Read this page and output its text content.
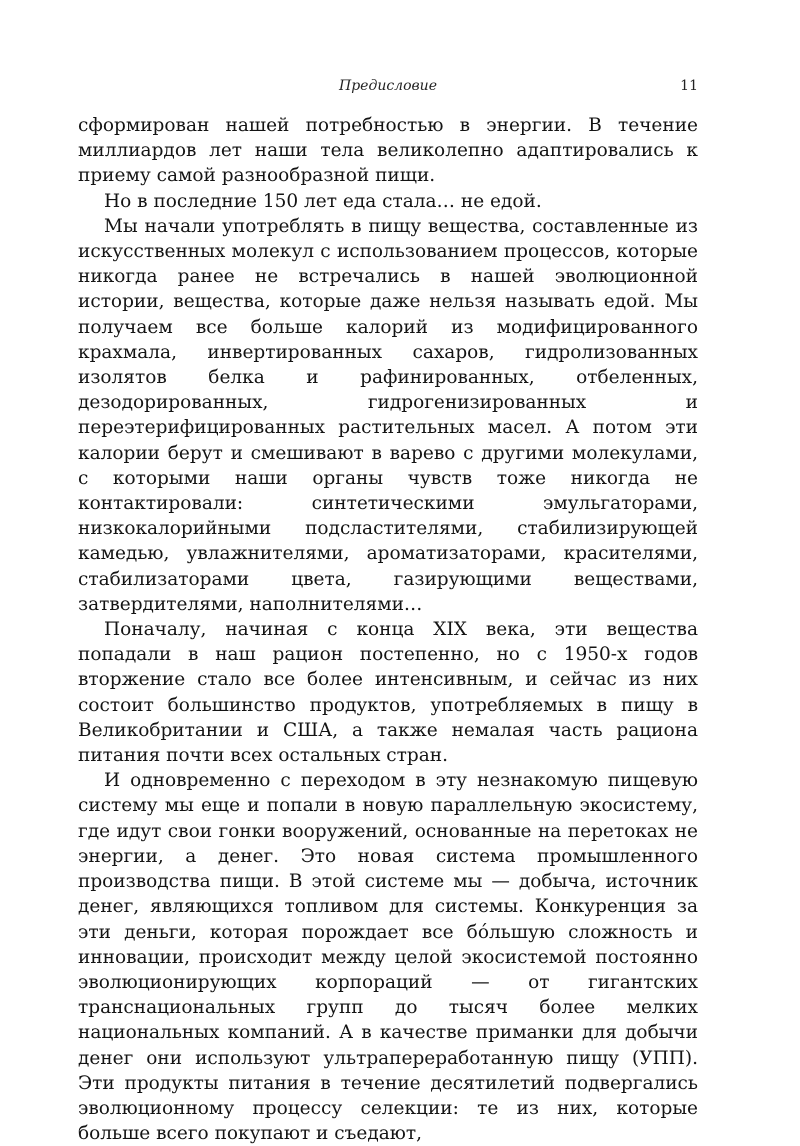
Предисловие	11

сформирован нашей потребностью в энергии. В течение миллиардов лет наши тела великолепно адаптировались к приему самой разнообразной пищи.

Но в последние 150 лет еда стала… не едой.

Мы начали употреблять в пищу вещества, составленные из искусственных молекул с использованием процессов, которые никогда ранее не встречались в нашей эволюционной истории, вещества, которые даже нельзя называть едой. Мы получаем все больше калорий из модифицированного крахмала, инвертированных сахаров, гидролизованных изолятов белка и рафинированных, отбеленных, дезодорированных, гидрогенизированных и переэтерифицированных растительных масел. А потом эти калории берут и смешивают в варево с другими молекулами, с которыми наши органы чувств тоже никогда не контактировали: синтетическими эмульгаторами, низкокалорийными подсластителями, стабилизирующей камедью, увлажнителями, ароматизаторами, красителями, стабилизаторами цвета, газирующими веществами, затвердителями, наполнителями…

Поначалу, начиная с конца XIX века, эти вещества попадали в наш рацион постепенно, но с 1950-х годов вторжение стало все более интенсивным, и сейчас из них состоит большинство продуктов, употребляемых в пищу в Великобритании и США, а также немалая часть рациона питания почти всех остальных стран.

И одновременно с переходом в эту незнакомую пищевую систему мы еще и попали в новую параллельную экосистему, где идут свои гонки вооружений, основанные на перетоках не энергии, а денег. Это новая система промышленного производства пищи. В этой системе мы — добыча, источник денег, являющихся топливом для системы. Конкуренция за эти деньги, которая порождает все бо́льшую сложность и инновации, происходит между целой экосистемой постоянно эволюционирующих корпораций — от гигантских транснациональных групп до тысяч более мелких национальных компаний. А в качестве приманки для добычи денег они используют ультрапереработанную пищу (УПП). Эти продукты питания в течение десятилетий подвергались эволюционному процессу селекции: те из них, которые больше всего покупают и съедают,
